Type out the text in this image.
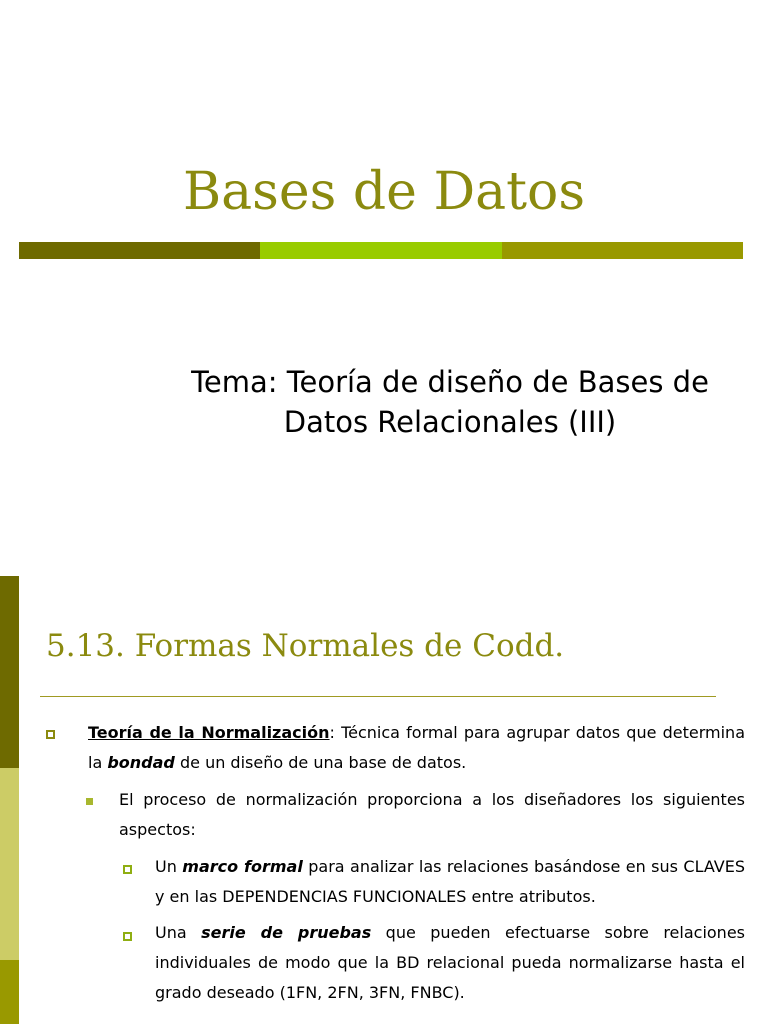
Bases de Datos
Tema: Teoría de diseño de Bases de
Datos Relacionales (III)
5.13. Formas Normales de Codd.
Teoría de la Normalización: Técnica formal para agrupar datos que determina la bondad de un diseño de una base de datos.
El proceso de normalización proporciona a los diseñadores los siguientes aspectos:
Un marco formal para analizar las relaciones basándose en sus CLAVES y en las DEPENDENCIAS FUNCIONALES entre atributos.
Una serie de pruebas que pueden efectuarse sobre relaciones individuales de modo que la BD relacional pueda normalizarse hasta el grado deseado (1FN, 2FN, 3FN, FNBC).
